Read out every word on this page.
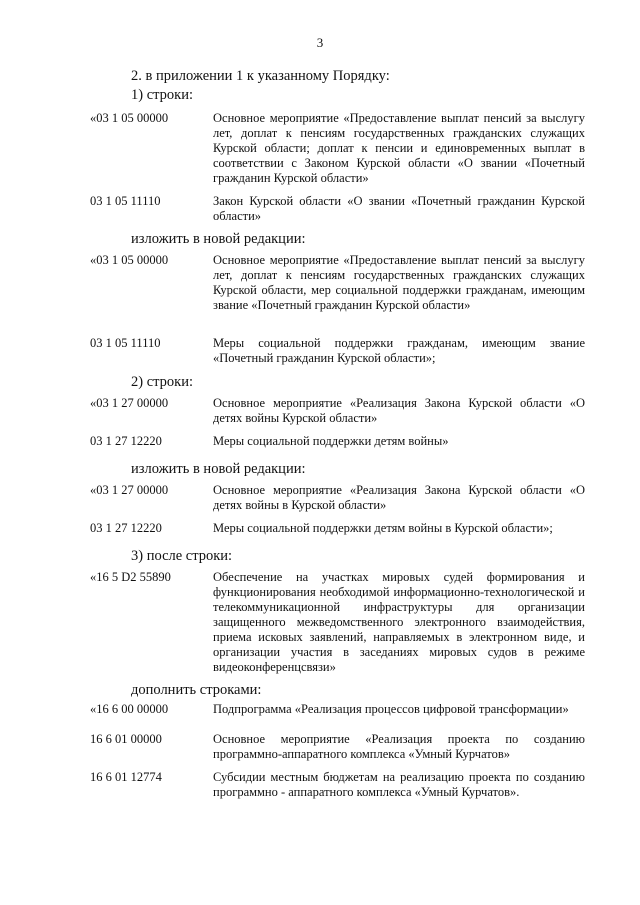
3
2. в приложении 1 к указанному Порядку:
1) строки:
«03 1 05 00000	Основное мероприятие «Предоставление выплат пенсий за выслугу лет, доплат к пенсиям государственных гражданских служащих Курской области; доплат к пенсии и единовременных выплат в соответствии с Законом Курской области «О звании «Почетный гражданин Курской области»
03 1 05 11110	Закон Курской области «О звании «Почетный гражданин Курской области»
изложить в новой редакции:
«03 1 05 00000	Основное мероприятие «Предоставление выплат пенсий за выслугу лет, доплат к пенсиям государственных гражданских служащих Курской области, мер социальной поддержки гражданам, имеющим звание «Почетный гражданин Курской области»
03 1 05 11110	Меры социальной поддержки гражданам, имеющим звание «Почетный гражданин Курской области»;
2) строки:
«03 1 27 00000	Основное мероприятие «Реализация Закона Курской области «О детях войны Курской области»
03 1 27 12220	Меры социальной поддержки детям войны»
изложить в новой редакции:
«03 1 27 00000	Основное мероприятие «Реализация Закона Курской области «О детях войны в Курской области»
03 1 27 12220	Меры социальной поддержки детям войны в Курской области»;
3) после строки:
«16 5 D2 55890	Обеспечение на участках мировых судей формирования и функционирования необходимой информационно-технологической и телекоммуникационной инфраструктуры для организации защищенного межведомственного электронного взаимодействия, приема исковых заявлений, направляемых в электронном виде, и организации участия в заседаниях мировых судов в режиме видеоконференцсвязи»
дополнить строками:
«16 6 00 00000	Подпрограмма «Реализация процессов цифровой трансформации»
16 6 01 00000	Основное мероприятие «Реализация проекта по созданию программно-аппаратного комплекса «Умный Курчатов»
16 6 01 12774	Субсидии местным бюджетам на реализацию проекта по созданию программно - аппаратного комплекса «Умный Курчатов».
